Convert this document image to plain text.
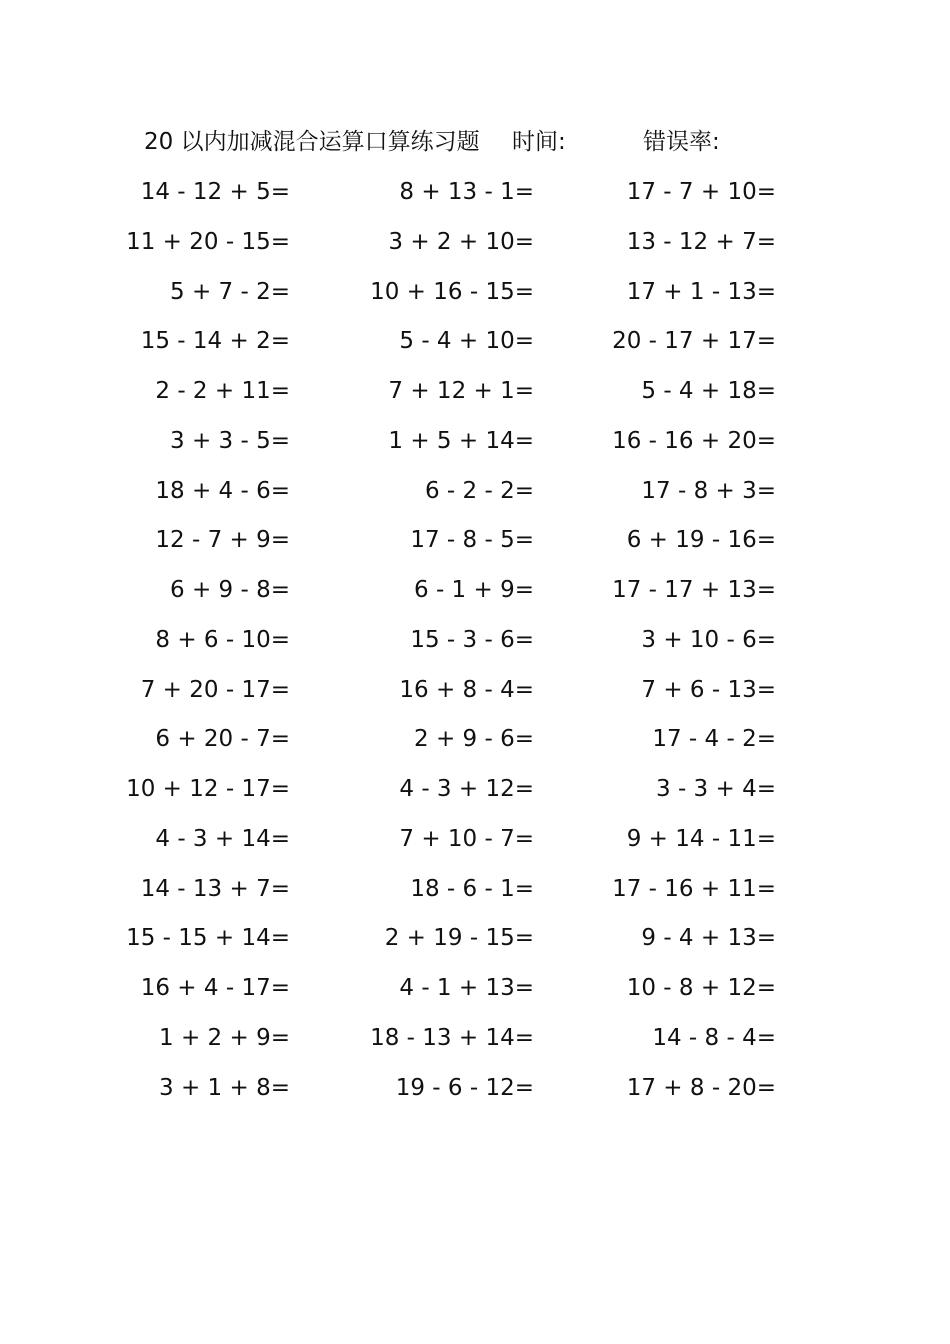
20 以内加减混合运算口算练习题 时间:	错误率:
14 - 12 + 5=	8 + 13 - 1=	17 - 7 + 10=
11 + 20 - 15=	3 + 2 + 10=	13 - 12 + 7=
5 + 7 - 2=	10 + 16 - 15=	17 + 1 - 13=
15 - 14 + 2=	5 - 4 + 10=	20 - 17 + 17=
2 - 2 + 11=	7 + 12 + 1=	5 - 4 + 18=
3 + 3 - 5=	1 + 5 + 14=	16 - 16 + 20=
18 + 4 - 6=	6 - 2 - 2=	17 - 8 + 3=
12 - 7 + 9=	17 - 8 - 5=	6 + 19 - 16=
6 + 9 - 8=	6 - 1 + 9=	17 - 17 + 13=
8 + 6 - 10=	15 - 3 - 6=	3 + 10 - 6=
7 + 20 - 17=	16 + 8 - 4=	7 + 6 - 13=
6 + 20 - 7=	2 + 9 - 6=	17 - 4 - 2=
10 + 12 - 17=	4 - 3 + 12=	3 - 3 + 4=
4 - 3 + 14=	7 + 10 - 7=	9 + 14 - 11=
14 - 13 + 7=	18 - 6 - 1=	17 - 16 + 11=
15 - 15 + 14=	2 + 19 - 15=	9 - 4 + 13=
16 + 4 - 17=	4 - 1 + 13=	10 - 8 + 12=
1 + 2 + 9=	18 - 13 + 14=	14 - 8 - 4=
3 + 1 + 8=	19 - 6 - 12=	17 + 8 - 20=
